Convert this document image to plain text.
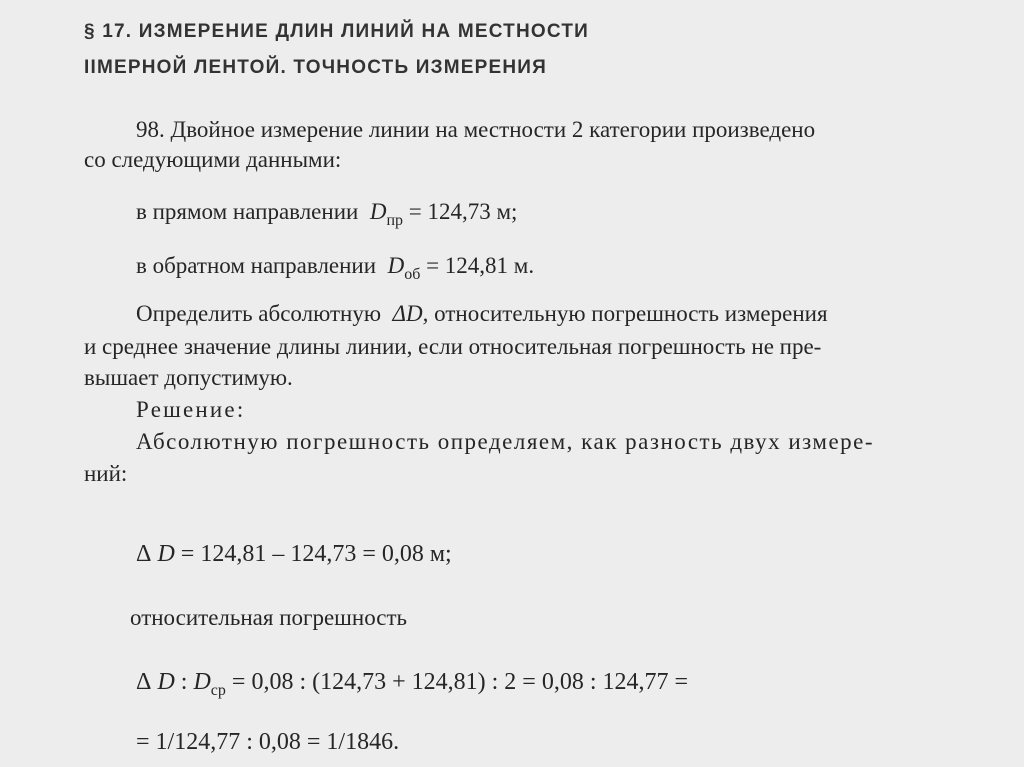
§ 17. ИЗМЕРЕНИЕ ДЛИН ЛИНИЙ НА МЕСТНОСТИ
IIМЕРНОЙ ЛЕНТОЙ. ТОЧНОСТЬ ИЗМЕРЕНИЯ
98. Двойное измерение линии на местности 2 категории произведено
со следующими данными:
в прямом направлении $D_{пр} = 124,73$ м;
в обратном направлении $D_{об} = 124,81$ м.
Определить абсолютную ΔD, относительную погрешность измерения
и среднее значение длины линии, если относительная погрешность не пре-
вышает допустимую.
Решение:
Абсолютную погрешность определяем, как разность двух измере-
ний:
Δ D = 124,81 – 124,73 = 0,08 м;
относительная погрешность
Δ D : $D_{ср} = 0,08$ : (124,73 + 124,81) : 2 = 0,08 : 124,77 =
= 1/124,77 : 0,08 = 1/1846.
